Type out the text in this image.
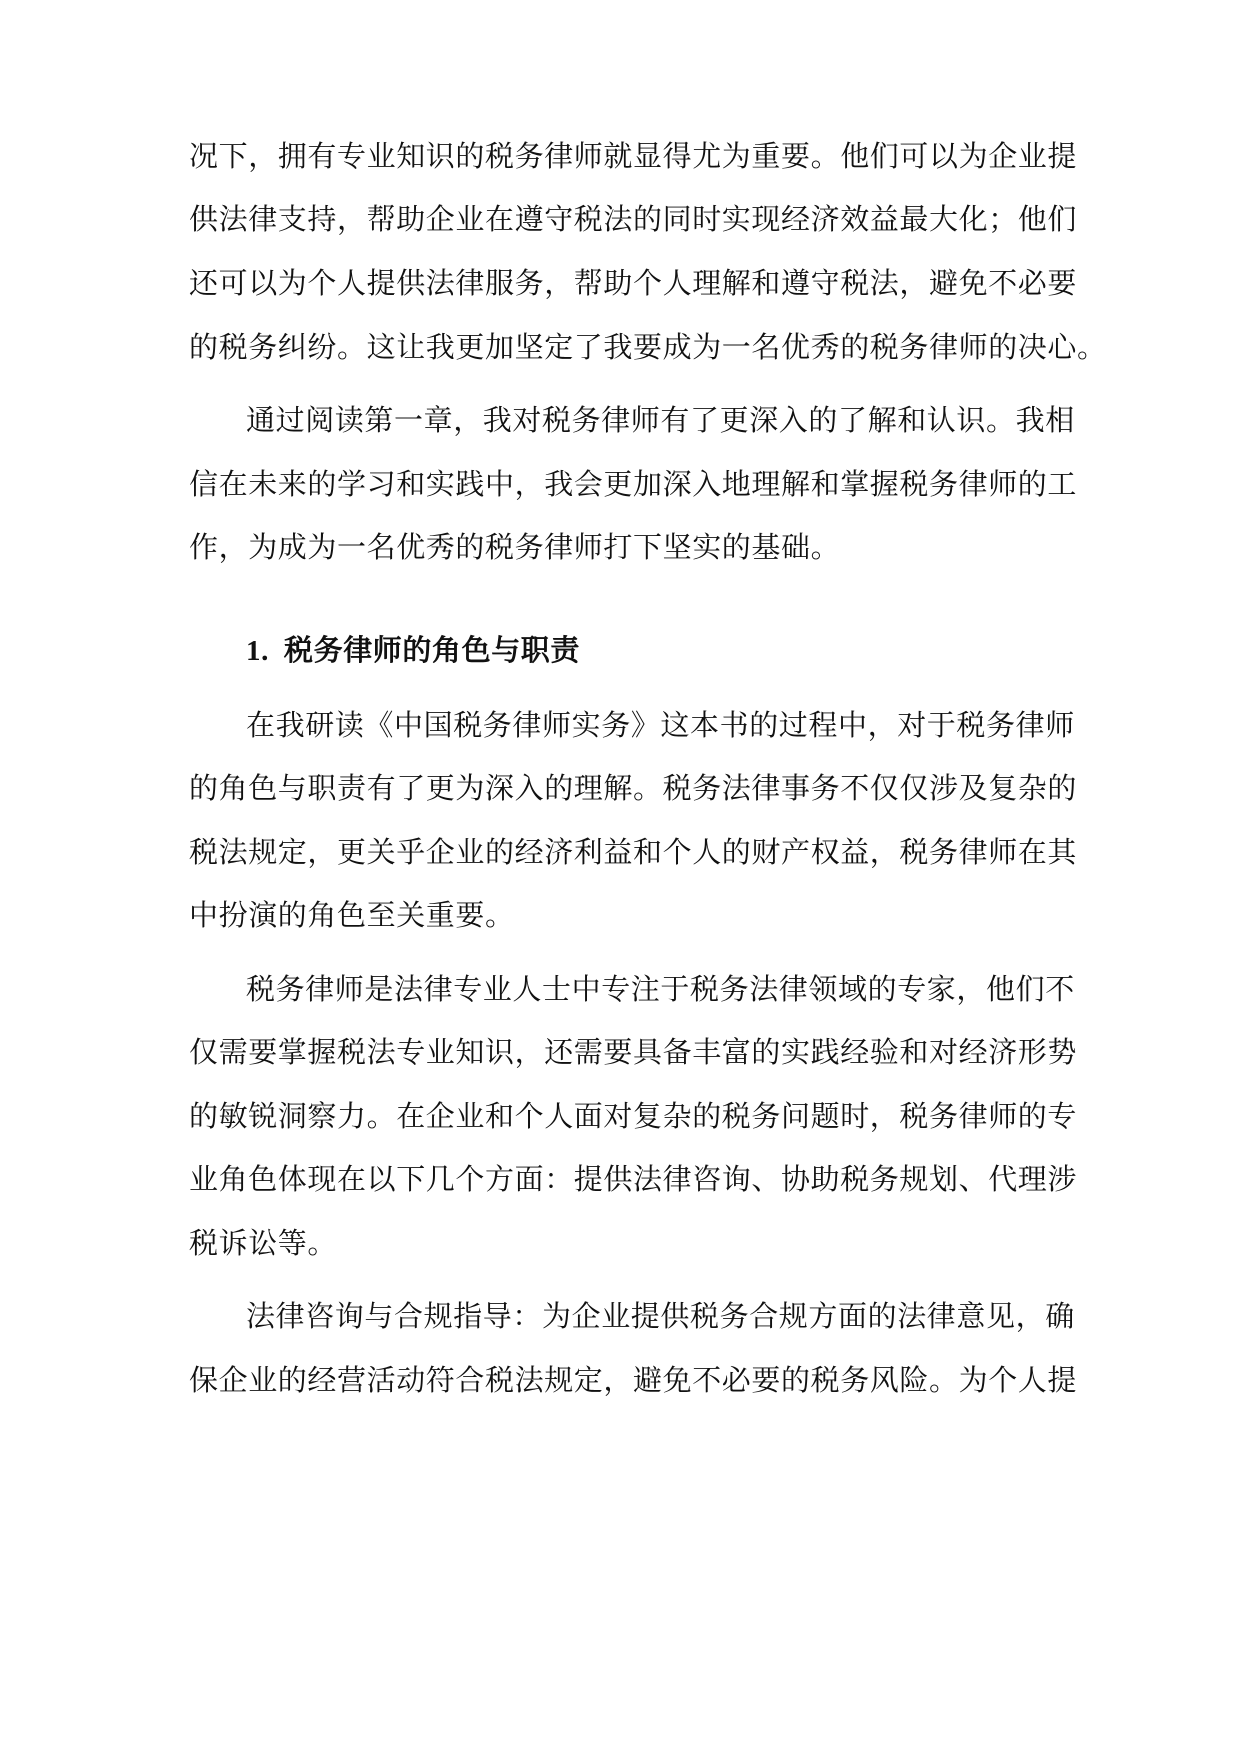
况下，拥有专业知识的税务律师就显得尤为重要。他们可以为企业提
供法律支持，帮助企业在遵守税法的同时实现经济效益最大化；他们
还可以为个人提供法律服务，帮助个人理解和遵守税法，避免不必要
的税务纠纷。这让我更加坚定了我要成为一名优秀的税务律师的决心。
通过阅读第一章，我对税务律师有了更深入的了解和认识。我相
信在未来的学习和实践中，我会更加深入地理解和掌握税务律师的工
作，为成为一名优秀的税务律师打下坚实的基础。
1. 税务律师的角色与职责
在我研读《中国税务律师实务》这本书的过程中，对于税务律师
的角色与职责有了更为深入的理解。税务法律事务不仅仅涉及复杂的
税法规定，更关乎企业的经济利益和个人的财产权益，税务律师在其
中扮演的角色至关重要。
税务律师是法律专业人士中专注于税务法律领域的专家，他们不
仅需要掌握税法专业知识，还需要具备丰富的实践经验和对经济形势
的敏锐洞察力。在企业和个人面对复杂的税务问题时，税务律师的专
业角色体现在以下几个方面：提供法律咨询、协助税务规划、代理涉
税诉讼等。
法律咨询与合规指导：为企业提供税务合规方面的法律意见，确
保企业的经营活动符合税法规定，避免不必要的税务风险。为个人提
